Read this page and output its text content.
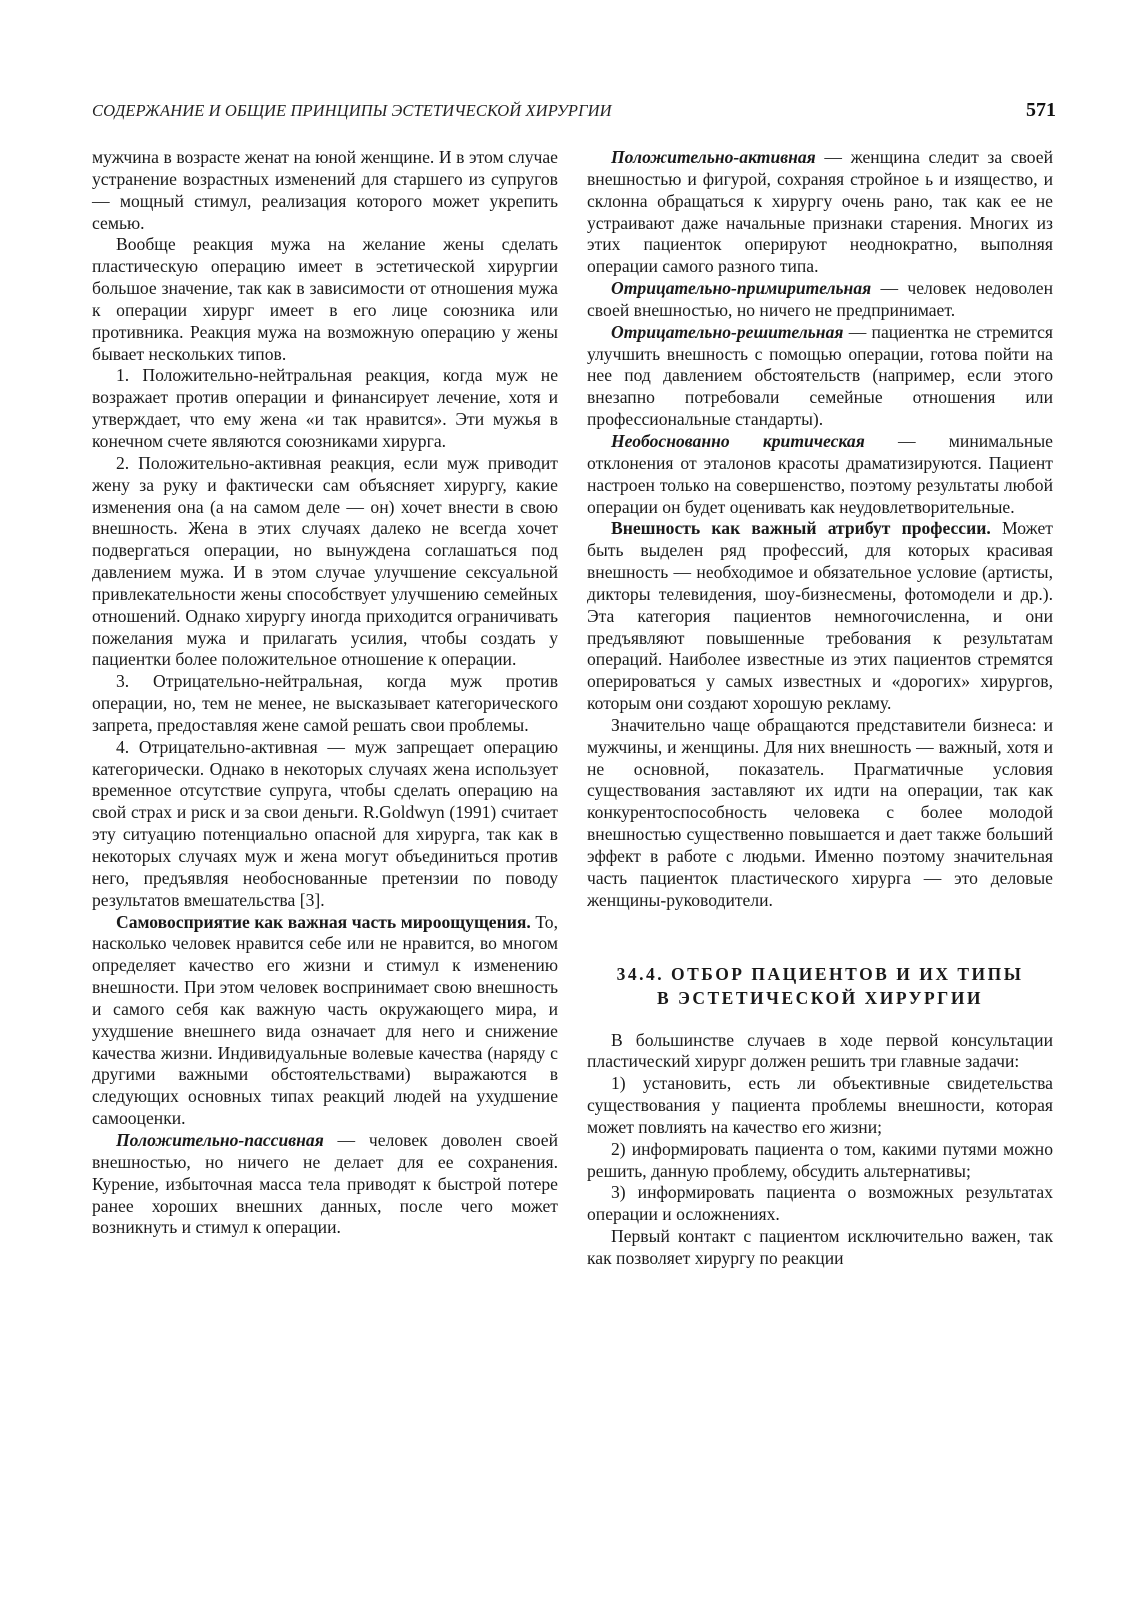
СОДЕРЖАНИЕ И ОБЩИЕ ПРИНЦИПЫ ЭСТЕТИЧЕСКОЙ ХИРУРГИИ	571

мужчина в возрасте женат на юной женщине. И в этом случае устранение возрастных изменений для старшего из супругов — мощный стимул, реализация которого может укрепить семью.

Вообще реакция мужа на желание жены сделать пластическую операцию имеет в эстетической хирургии большое значение, так как в зависимости от отношения мужа к операции хирург имеет в его лице союзника или противника. Реакция мужа на возможную операцию у жены бывает нескольких типов.

1. Положительно-нейтральная реакция, когда муж не возражает против операции и финансирует лечение, хотя и утверждает, что ему жена «и так нравится». Эти мужья в конечном счете являются союзниками хирурга.

2. Положительно-активная реакция, если муж приводит жену за руку и фактически сам объясняет хирургу, какие изменения она (а на самом деле — он) хочет внести в свою внешность. Жена в этих случаях далеко не всегда хочет подвергаться операции, но вынуждена соглашаться под давлением мужа. И в этом случае улучшение сексуальной привлекательности жены способствует улучшению семейных отношений. Однако хирургу иногда приходится ограничивать пожелания мужа и прилагать усилия, чтобы создать у пациентки более положительное отношение к операции.

3. Отрицательно-нейтральная, когда муж против операции, но, тем не менее, не высказывает категорического запрета, предоставляя жене самой решать свои проблемы.

4. Отрицательно-активная — муж запрещает операцию категорически. Однако в некоторых случаях жена использует временное отсутствие супруга, чтобы сделать операцию на свой страх и риск и за свои деньги. R.Goldwyn (1991) считает эту ситуацию потенциально опасной для хирурга, так как в некоторых случаях муж и жена могут объединиться против него, предъявляя необоснованные претензии по поводу результатов вмешательства [3].

Самовосприятие как важная часть мироощущения. То, насколько человек нравится себе или не нравится, во многом определяет качество его жизни и стимул к изменению внешности. При этом человек воспринимает свою внешность и самого себя как важную часть окружающего мира, и ухудшение внешнего вида означает для него и снижение качества жизни. Индивидуальные волевые качества (наряду с другими важными обстоятельствами) выражаются в следующих основных типах реакций людей на ухудшение самооценки.

Положительно-пассивная — человек доволен своей внешностью, но ничего не делает для ее сохранения. Курение, избыточная масса тела приводят к быстрой потере ранее хороших внешних данных, после чего может возникнуть и стимул к операции.

Положительно-активная — женщина следит за своей внешностью и фигурой, сохраняя стройное ь и изящество, и склонна обращаться к хирургу очень рано, так как ее не устраивают даже начальные признаки старения. Многих из этих пациенток оперируют неоднократно, выполняя операции самого разного типа.

Отрицательно-примирительная — человек недоволен своей внешностью, но ничего не предпринимает.

Отрицательно-решительная — пациентка не стремится улучшить внешность с помощью операции, готова пойти на нее под давлением обстоятельств (например, если этого внезапно потребовали семейные отношения или профессиональные стандарты).

Необоснованно критическая — минимальные отклонения от эталонов красоты драматизируются. Пациент настроен только на совершенство, поэтому результаты любой операции он будет оценивать как неудовлетворительные.

Внешность как важный атрибут профессии. Может быть выделен ряд профессий, для которых красивая внешность — необходимое и обязательное условие (артисты, дикторы телевидения, шоу-бизнесмены, фотомодели и др.). Эта категория пациентов немногочисленна, и они предъявляют повышенные требования к результатам операций. Наиболее известные из этих пациентов стремятся оперироваться у самых известных и «дорогих» хирургов, которым они создают хорошую рекламу.

Значительно чаще обращаются представители бизнеса: и мужчины, и женщины. Для них внешность — важный, хотя и не основной, показатель. Прагматичные условия существования заставляют их идти на операции, так как конкурентоспособность человека с более молодой внешностью существенно повышается и дает также больший эффект в работе с людьми. Именно поэтому значительная часть пациенток пластического хирурга — это деловые женщины-руководители.

34.4. ОТБОР ПАЦИЕНТОВ И ИХ ТИПЫ
В ЭСТЕТИЧЕСКОЙ ХИРУРГИИ

В большинстве случаев в ходе первой консультации пластический хирург должен решить три главные задачи:

1) установить, есть ли объективные свидетельства существования у пациента проблемы внешности, которая может повлиять на качество его жизни;

2) информировать пациента о том, какими путями можно решить, данную проблему, обсудить альтернативы;

3) информировать пациента о возможных результатах операции и осложнениях.

Первый контакт с пациентом исключительно важен, так как позволяет хирургу по реакции
